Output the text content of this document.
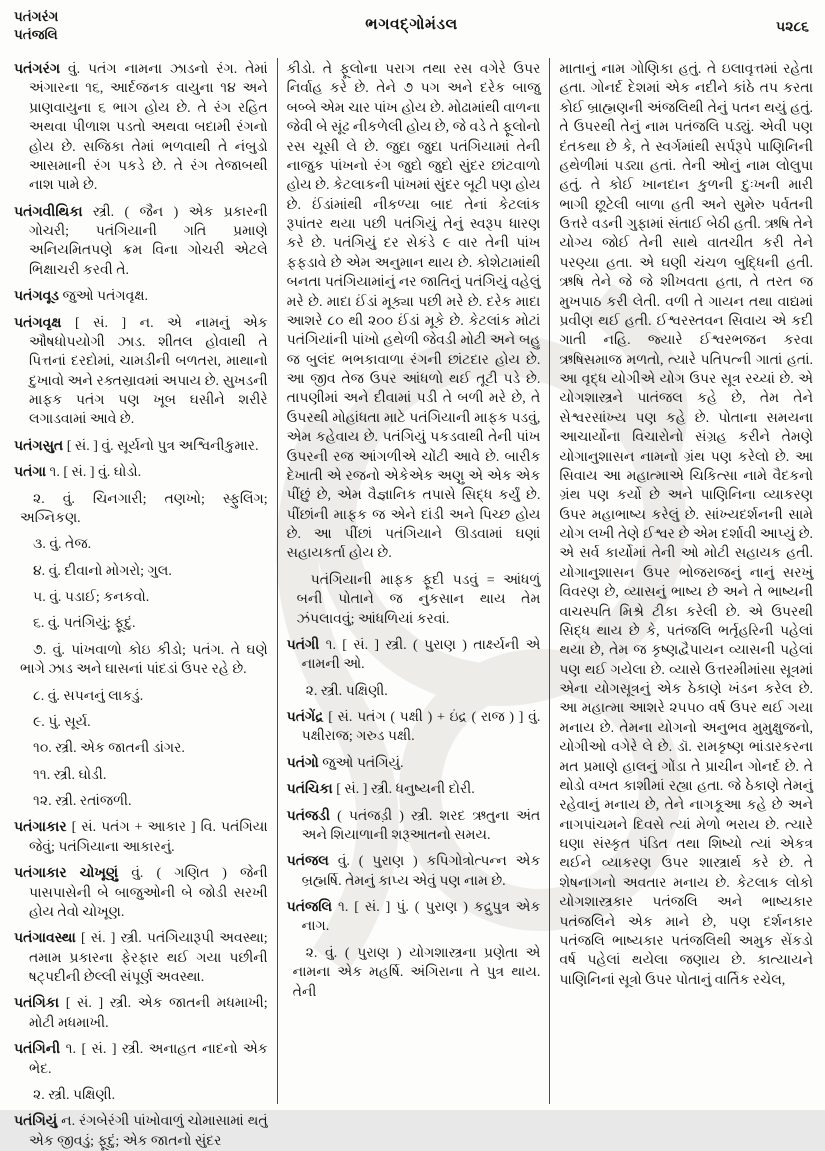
પતંગરંગ
પતંજલિ
ભગવદ્ગોમંડલ	૫૨૮૬

પતંગરંગ વું. પતંગ નામના ઝાડનો રંગ. તેમાં અંગારના ૧૬, આર્દજનક વાયુના ૧૪ અને પ્રાણવાયુના ૬ ભાગ હોય છે. તે રંગ રહિત અથવા પીળાશ પડતો અથવા બદામી રંગનો હોય છે. સજિકા તેમાં ભળવાથી તે નંબુડો આસમાની રંગ પકડે છે. તે રંગ તેજાબથી નાશ પામે છે.

પતંગવીથિકા સ્ત્રી. ( જૈન ) એક પ્રકારની ગોચરી; પતંગિયાની ગતિ પ્રમાણે અનિયમિતપણે ક્રમ વિના ગોચરી એટલે ભિક્ષાચરી કરવી તે.

પતંગવૂડ જુઓ પતંગવૃક્ષ.

પતંગવૃક્ષ [ સં. ] ન. એ નામનું એક ઔષધોપયોગી ઝાડ. શીતલ હોવાથી તે પિત્તનાં દરદોમાં, ચામડીની બળતરા, માથાનો દુખાવો અને રક્તસ્રાવમાં અપાય છે. સુખડની માફક પતંગ પણ ખૂબ ઘસીને શરીરે લગાડવામાં આવે છે.

પતંગસુત [ સં. ] વું. સૂર્યનો પુત્ર અશ્વિનીકુમાર.

પતંગા ૧. [ સં. ] વું. ઘોડો.

૨. વું. ચિનગારી; તણખો; સ્ફુલિંગ; અગ્નિકણ.

૩. વું. તેજ.

૪. વું. દીવાનો મોગરો; ગુલ.

૫. વું. પડાઈ; કનકવો.

૬. વું. પતંગિયું; ફૂદું.

૭. વું. પાંખવાળો કોઇ કીડો; પતંગ. તે ઘણે ભાગે ઝાડ અને ઘાસનાં પાંદડાં ઉપર રહે છે.

૮. વું. સપનનું લાકડું.

૯. પું. સૂર્ય.

૧૦. સ્ત્રી. એક જાતની ડાંગર.

૧૧. સ્ત્રી. ઘોડી.

૧૨. સ્ત્રી. રતાંજળી.

પતંગાકાર [ સં. પતંગ + આકાર ] વિ. પતંગિયા જેવું; પતંગિયાના આકારનું.

પતંગાકાર ચોખૂણું વું. ( ગણિત ) જેની પાસપાસેની બે બાજુઓની બે જોડી સરખી હોય તેવો ચોખૂણ.

પતંગાવસ્થા [ સં. ] સ્ત્રી. પતંગિયારૂપી અવસ્થા; તમામ પ્રકારના ફેરફાર થઈ ગયા પછીની ષટ્પદીની છેલ્લી સંપૂર્ણ અવસ્થા.

પતંગિકા [ સં. ] સ્ત્રી. એક જાતની મધમાખી; મોટી મધમાખી.

પતંગિની ૧. [ સં. ] સ્ત્રી. અનાહત નાદનો એક ભેદ.

૨. સ્ત્રી. પક્ષિણી.

પતંગિયું ન. રંગબેરંગી પાંખોવાળું ચોમાસામાં થતું એક જીવડું; ફૂદું; એક જાતનો સુંદર

કીડો. તે ફૂલોના પરાગ તથા રસ વગેરે ઉપર નિર્વાહ કરે છે. તેને ૭ પગ અને દરેક બાજુ બબ્બે એમ ચાર પાંખ હોય છે. મોઢામાંથી વાળના જેવી બે સૂંઢ નીકળેલી હોય છે, જે વડે તે ફૂલોનો રસ ચૂસી લે છે. જુદા જુદા પતંગિયામાં તેની નાજુક પાંખનો રંગ જુદો જુદો સુંદર છાંટવાળો હોય છે. કેટલાકની પાંખમાં સુંદર બૂટી પણ હોય છે. ઈંડાંમાંથી નીકળ્યા બાદ તેનાં કેટલાંક રૂપાંતર થયા પછી પતંગિયું તેનું સ્વરૂપ ધારણ કરે છે. પતંગિયું દર સેકંડે ૯ વાર તેની પાંખ ફફડાવે છે એમ અનુમાન થાય છે. કોશેટામાંથી બનતા પતંગિયામાંનું નર જાતિનું પતંગિયું વહેલું મરે છે. માદા ઈંડાં મૂક્યા પછી મરે છે. દરેક માદા આશરે ૮૦ થી ૨૦૦ ઈંડાં મૂકે છે. કેટલાંક મોટાં પતંગિયાંની પાંખો હથેળી જેવડી મોટી અને બહુ જ બુલંદ ભભકાવાળા રંગની છાંટદાર હોય છે. આ જીવ તેજ ઉપર આંધળો થઈ તૂટી પડે છે. તાપણીમાં અને દીવામાં પડી તે બળી મરે છે, તે ઉપરથી મોહાંધતા માટે પતંગિયાની માફક પડવું, એમ કહેવાય છે. પતંગિયું પકડવાથી તેની પાંખ ઉપરની રજ આંગળીએ ચોંટી આવે છે. બારીક દેખાતી એ રજનો એકેએક અણુ એ એક એક પીંછું છે, એમ વૈજ્ઞાનિક તપાસે સિદ્ધ કર્યું છે. પીંછાંની માફક જ એને દાંડી અને પિચ્છ હોય છે. આ પીંછાં પતંગિયાને ઊડવામાં ઘણાં સહાયકર્તા હોય છે.

પતંગિયાની માફક ફૂદી પડવું = આંધળું બની પોતાને જ નુકસાન થાય તેમ ઝંપલાવવું; આંધળિયાં કરવાં.

પતંગી ૧. [ સં. ] સ્ત્રી. ( પુરાણ ) તાર્ક્ષ્યની એ નામની ઓ.

૨. સ્ત્રી. પક્ષિણી.

પતંગેંદ્ર [ સં. પતંગ ( પક્ષી ) + ઇંદ્ર ( રાજ ) ] વું. પક્ષીરાજ; ગરુડ પક્ષી.

પતંગો જુઓ પતંગિયું.

પતંચિકા [ સં. ] સ્ત્રી. ધનુષ્યની દોરી.

પતંજડી ( પતંજડ઼ી ) સ્ત્રી. શરદ ઋતુના અંત અને શિયાળાની શરૂઆતનો સમય.

પતંજલ વું. ( પુરાણ ) કપિગોત્રોત્પન્ન એક બ્રહ્મર્ષિ. તેમનું કાપ્ય એવું પણ નામ છે.

પતંજલિ ૧. [ સં. ] પું. ( પુરાણ ) કદ્રુપુત્ર એક નાગ.

૨. વું. ( પુરાણ ) યોગશાસ્ત્રના પ્રણેતા એ નામના એક મહર્ષિ. અંગિરાના તે પુત્ર થાય. તેની

માતાનું નામ ગોણિકા હતું. તે ઇલાવૃત્તમાં રહેતા હતા. ગોનર્દ દેશમાં એક નદીને કાંઠે તપ કરતા કોઈ બ્રાહ્મણની અંજલિથી તેનું પતન થયું હતું. તે ઉપરથી તેનું નામ પતંજલિ પડ્યું. એવી પણ દંતકથા છે કે, તે સ્વર્ગમાંથી સર્પરૂપે પાણિનિની હથેળીમાં પડ્યા હતાં. તેની ઓનું નામ લોલુપા હતું. તે કોઈ ખાનદાન કુળની દુઃખની મારી ભાગી છૂટેલી બાળા હતી અને સુમેરુ પર્વતની ઉત્તરે વડની ગુફામાં સંતાઈ બેઠી હતી. ઋષિ તેને યોગ્ય જોઈ તેની સાથે વાતચીત કરી તેને પરણ્યા હતા. એ ઘણી ચંચળ બુદ્ધિની હતી. ઋષિ તેને જે જે શીખવતા હતા, તે તરત જ મુખપાઠ કરી લેતી. વળી તે ગાયન તથા વાદ્યમાં પ્રવીણ થઈ હતી. ઈશ્વરસ્તવન સિવાય એ કદી ગાતી નહિ. જ્યારે ઈશ્વરભજન કરવા ઋષિસમાજ મળતો, ત્યારે પતિપત્ની ગાતાં હતાં. આ વૃદ્ધ યોગીએ યોગ ઉપર સૂત્ર રચ્યાં છે. એ યોગશાસ્ત્રને પાતંજલ કહે છે, તેમ તેને સેશ્વરસાંખ્ય પણ કહે છે. પોતાના સમયના આચાર્યોના વિચારોનો સંગ્રહ કરીને તેમણે યોગાનુશાસન નામનો ગ્રંથ પણ કરેલો છે. આ સિવાય આ મહાત્માએ ચિકિત્સા નામે વૈદકનો ગ્રંથ પણ કર્યો છે અને પાણિનિના વ્યાકરણ ઉપર મહાભાષ્ય કરેલું છે. સાંખ્યદર્શનની સામે યોગ લખી તેણે ઈશ્વર છે એમ દર્શાવી આપ્યું છે. એ સર્વ કાર્યોમાં તેની ઓ મોટી સહાયક હતી. યોગાનુશાસન ઉપર ભોજરાજનું નાનું સરખું વિવરણ છે, વ્યાસનું ભાષ્ય છે અને તે ભાષ્યની વાચસ્પતિ મિશ્રે ટીકા કરેલી છે. એ ઉપરથી સિદ્ધ થાય છે કે, પતંજલિ ભર્તૃહરિની પહેલાં થયા છે, તેમ જ કૃષ્ણદ્વૈપાયન વ્યાસની પહેલાં પણ થઈ ગયેલા છે. વ્યાસે ઉત્તરમીમાંસા સૂત્રમાં એના યોગસૂત્રનું એક ઠેકાણે ખંડન કરેલ છે. આ મહાત્મા આશરે ૨૫૫૦ વર્ષ ઉપર થઈ ગયા મનાય છે. તેમના યોગનો અનુભવ મુમુક્ષુજનો, યોગીઓ વગેરે લે છે. ડૉ. રામકૃષ્ણ ભાંડારકરના મત પ્રમાણે હાલનું ગોંડા તે પ્રાચીન ગોનર્દ છે. તે થોડો વખત કાશીમાં રહ્યા હતા. જે ઠેકાણે તેમનું રહેવાનું મનાય છે, તેને નાગકૂઆ કહે છે અને નાગપાંચમને દિવસે ત્યાં મેળો ભરાય છે. ત્યારે ઘણા સંસ્કૃત પંડિત તથા શિષ્યો ત્યાં એકત્ર થઈને વ્યાકરણ ઉપર શાસ્ત્રાર્થ કરે છે. તે શેષનાગનો અવતાર મનાય છે. કેટલાક લોકો યોગશાસ્ત્રકાર પતંજલિ અને ભાષ્યકાર પતંજલિને એક માને છે, પણ દર્શનકાર પતંજલિ ભાષ્યકાર પતંજલિથી અમુક સેંકડો વર્ષ પહેલાં થયેલા જણાય છે. કાત્યાયને પાણિનિનાં સૂત્રો ઉપર પોતાનું વાર્તિક રચેલ,
